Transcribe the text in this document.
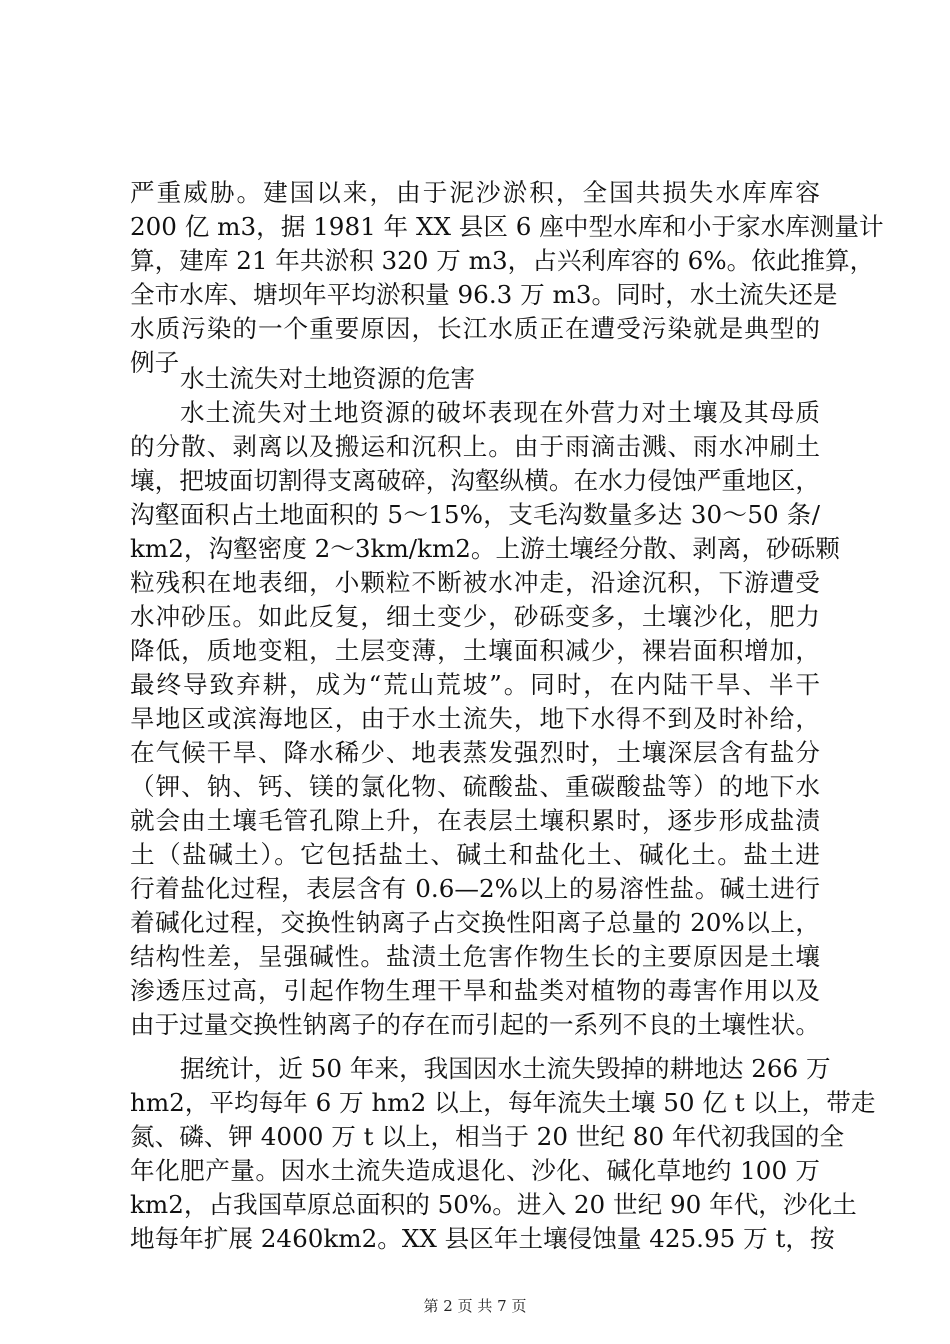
严重威胁。建国以来，由于泥沙淤积，全国共损失水库库容
200 亿 m3，据 1981 年 XX 县区 6 座中型水库和小于家水库测量计
算，建库 21 年共淤积 320 万 m3，占兴利库容的 6%。依此推算，
全市水库、塘坝年平均淤积量 96.3 万 m3。同时，水土流失还是
水质污染的一个重要原因，长江水质正在遭受污染就是典型的
例子
水土流失对土地资源的危害
水土流失对土地资源的破坏表现在外营力对土壤及其母质
的分散、剥离以及搬运和沉积上。由于雨滴击溅、雨水冲刷土
壤，把坡面切割得支离破碎，沟壑纵横。在水力侵蚀严重地区，
沟壑面积占土地面积的 5～15%，支毛沟数量多达 30～50 条/
km2，沟壑密度 2～3km/km2。上游土壤经分散、剥离，砂砾颗
粒残积在地表细，小颗粒不断被水冲走，沿途沉积，下游遭受
水冲砂压。如此反复，细土变少，砂砾变多，土壤沙化，肥力
降低，质地变粗，土层变薄，土壤面积减少，裸岩面积增加，
最终导致弃耕，成为“荒山荒坡”。同时，在内陆干旱、半干
旱地区或滨海地区，由于水土流失，地下水得不到及时补给，
在气候干旱、降水稀少、地表蒸发强烈时，土壤深层含有盐分
（钾、钠、钙、镁的氯化物、硫酸盐、重碳酸盐等）的地下水
就会由土壤毛管孔隙上升，在表层土壤积累时，逐步形成盐渍
土（盐碱土）。它包括盐土、碱土和盐化土、碱化土。盐土进
行着盐化过程，表层含有 0.6—2%以上的易溶性盐。碱土进行
着碱化过程，交换性钠离子占交换性阳离子总量的 20%以上，
结构性差，呈强碱性。盐渍土危害作物生长的主要原因是土壤
渗透压过高，引起作物生理干旱和盐类对植物的毒害作用以及
由于过量交换性钠离子的存在而引起的一系列不良的土壤性状。
据统计，近 50 年来，我国因水土流失毁掉的耕地达 266 万
hm2，平均每年 6 万 hm2 以上，每年流失土壤 50 亿 t 以上，带走
氮、磷、钾 4000 万 t 以上，相当于 20 世纪 80 年代初我国的全
年化肥产量。因水土流失造成退化、沙化、碱化草地约 100 万
km2，占我国草原总面积的 50%。进入 20 世纪 90 年代，沙化土
地每年扩展 2460km2。XX 县区年土壤侵蚀量 425.95 万 t，按
第 2 页 共 7 页
